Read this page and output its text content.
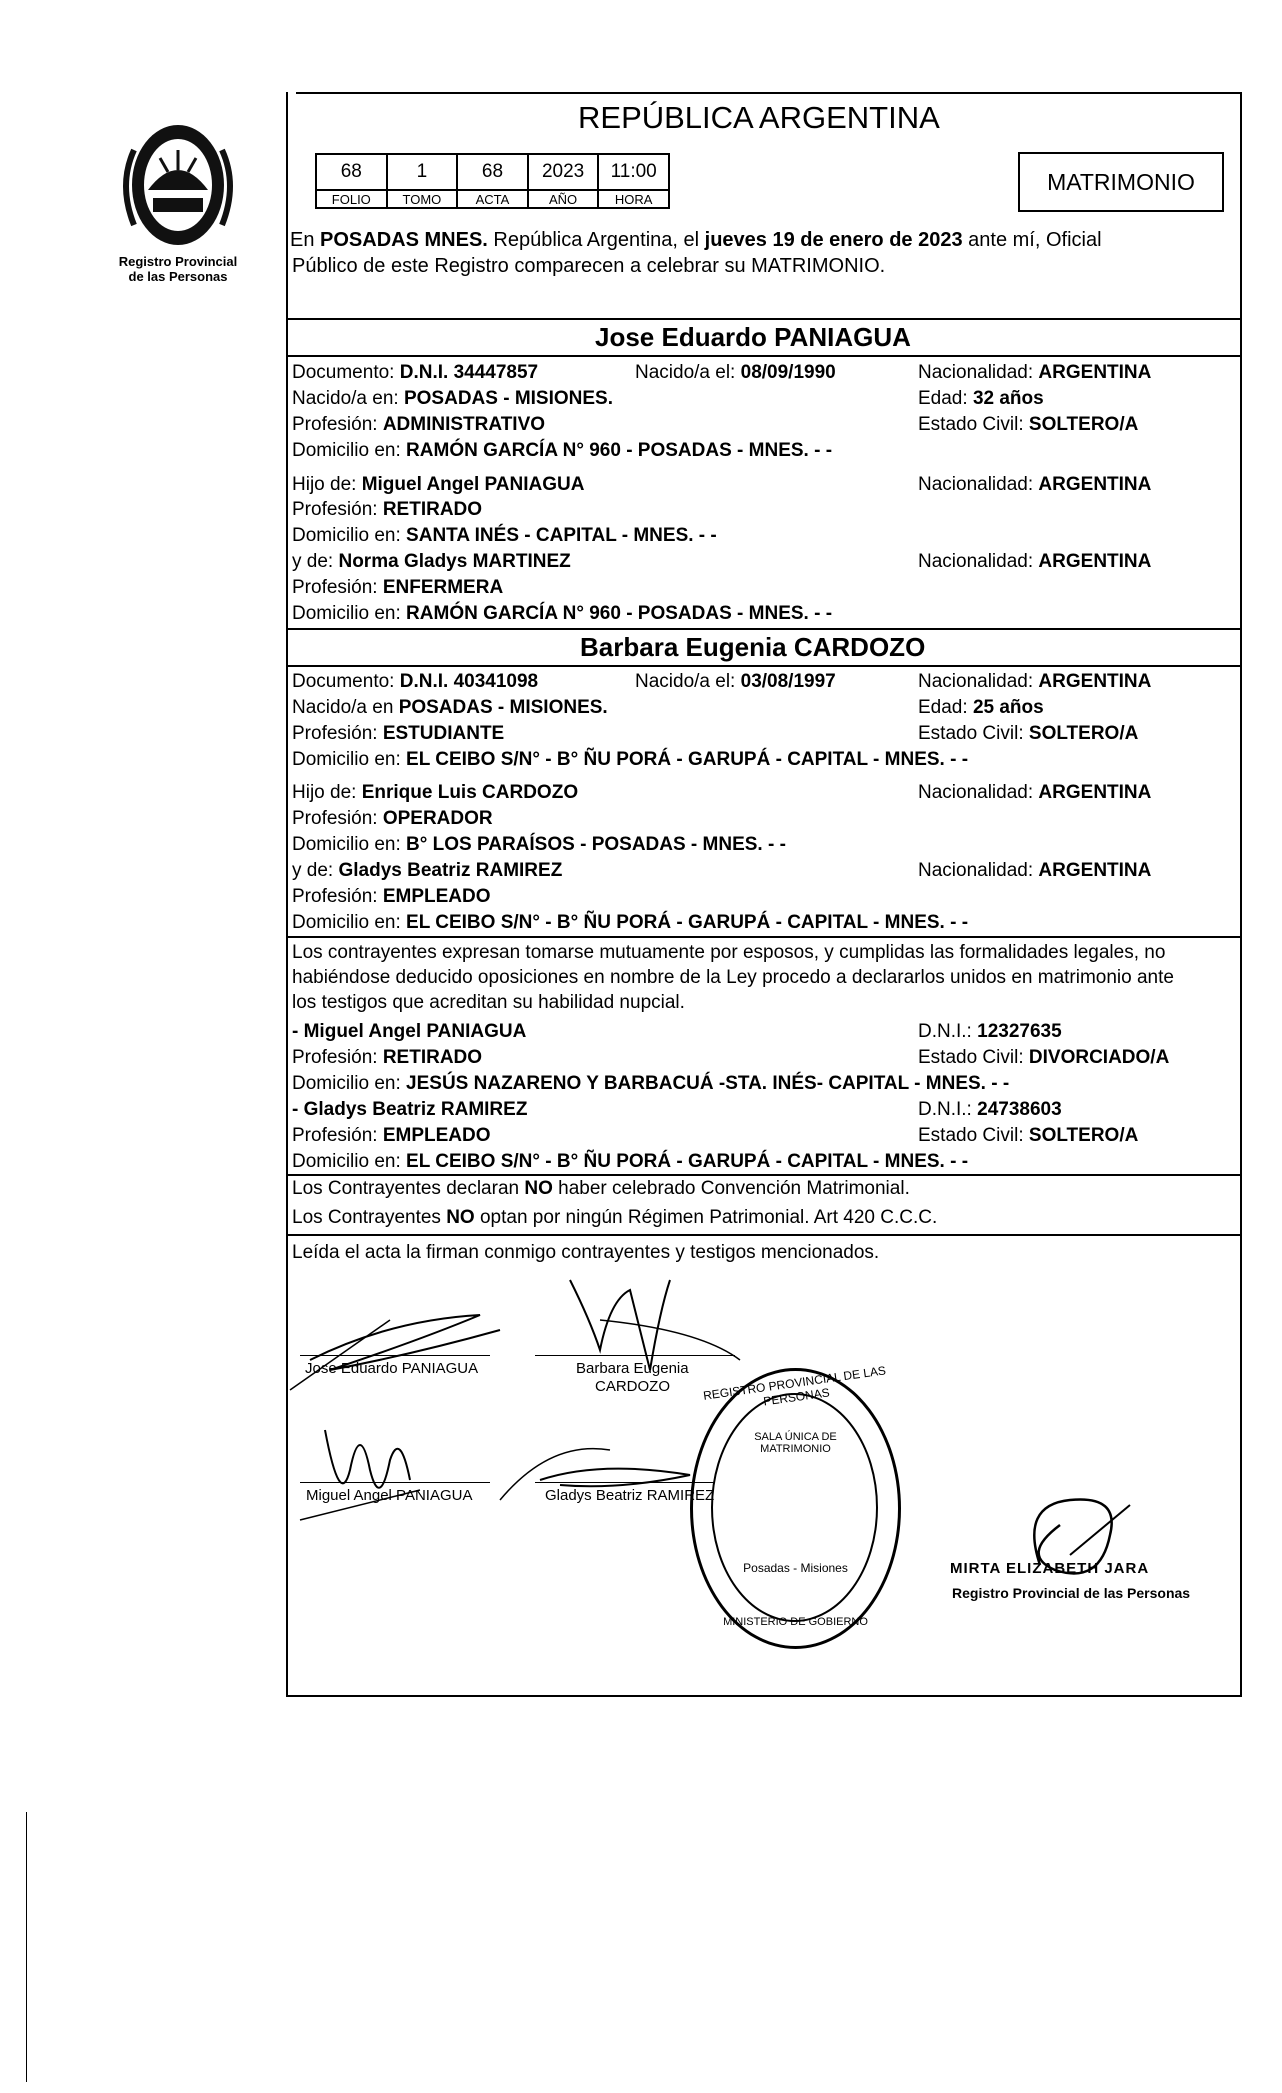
Registro Provincial
de las Personas
REPÚBLICA ARGENTINA
68	1	68	2023	11:00
FOLIO	TOMO	ACTA	AÑO	HORA
MATRIMONIO
En POSADAS MNES. República Argentina, el jueves 19 de enero de 2023 ante mí, Oficial
Público de este Registro comparecen a celebrar su MATRIMONIO.
Jose Eduardo PANIAGUA
Documento: D.N.I. 34447857	Nacido/a el: 08/09/1990	Nacionalidad: ARGENTINA
Nacido/a en: POSADAS - MISIONES.	Edad: 32 años
Profesión: ADMINISTRATIVO	Estado Civil: SOLTERO/A
Domicilio en: RAMÓN GARCÍA N° 960 - POSADAS - MNES. - -
Hijo de: Miguel Angel PANIAGUA	Nacionalidad: ARGENTINA
Profesión: RETIRADO
Domicilio en: SANTA INÉS - CAPITAL - MNES. - -
y de: Norma Gladys MARTINEZ	Nacionalidad: ARGENTINA
Profesión: ENFERMERA
Domicilio en: RAMÓN GARCÍA N° 960 - POSADAS - MNES. - -
Barbara Eugenia CARDOZO
Documento: D.N.I. 40341098	Nacido/a el: 03/08/1997	Nacionalidad: ARGENTINA
Nacido/a en POSADAS - MISIONES.	Edad: 25 años
Profesión: ESTUDIANTE	Estado Civil: SOLTERO/A
Domicilio en: EL CEIBO S/N° - B° ÑU PORÁ - GARUPÁ - CAPITAL - MNES. - -
Hijo de: Enrique Luis CARDOZO	Nacionalidad: ARGENTINA
Profesión: OPERADOR
Domicilio en: B° LOS PARAÍSOS - POSADAS - MNES. - -
y de: Gladys Beatriz RAMIREZ	Nacionalidad: ARGENTINA
Profesión: EMPLEADO
Domicilio en: EL CEIBO S/N° - B° ÑU PORÁ - GARUPÁ - CAPITAL - MNES. - -
Los contrayentes expresan tomarse mutuamente por esposos, y cumplidas las formalidades legales, no
habiéndose deducido oposiciones en nombre de la Ley procedo a declararlos unidos en matrimonio ante
los testigos que acreditan su habilidad nupcial.
- Miguel Angel PANIAGUA	D.N.I.: 12327635
Profesión: RETIRADO	Estado Civil: DIVORCIADO/A
Domicilio en: JESÚS NAZARENO Y BARBACUÁ -STA. INÉS- CAPITAL - MNES. - -
- Gladys Beatriz RAMIREZ	D.N.I.: 24738603
Profesión: EMPLEADO	Estado Civil: SOLTERO/A
Domicilio en: EL CEIBO S/N° - B° ÑU PORÁ - GARUPÁ - CAPITAL - MNES. - -
Los Contrayentes declaran NO haber celebrado Convención Matrimonial.
Los Contrayentes NO optan por ningún Régimen Patrimonial. Art 420 C.C.C.
Leída el acta la firman conmigo contrayentes y testigos mencionados.
Jose Eduardo PANIAGUA	Barbara Eugenia
CARDOZO
Miguel Angel PANIAGUA	Gladys Beatriz RAMIREZ
REGISTRO PROVINCIAL DE LAS PERSONAS
SALA ÚNICA DE MATRIMONIO
Posadas - Misiones
MINISTERIO DE GOBIERNO
MIRTA ELIZABETH JARA
Registro Provincial de las Personas
